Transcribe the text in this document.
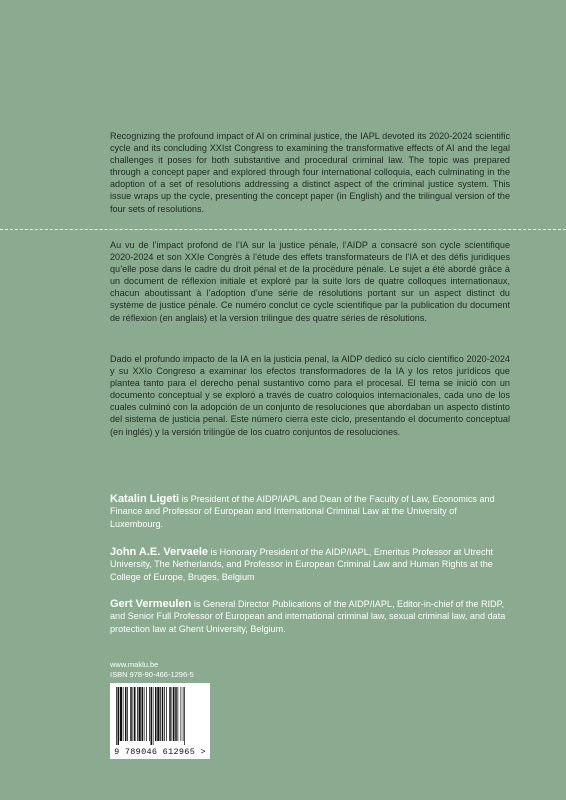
Recognizing the profound impact of AI on criminal justice, the IAPL devoted its 2020-2024 scientific cycle and its concluding XXIst Congress to examining the transformative effects of AI and the legal challenges it poses for both substantive and procedural criminal law. The topic was prepared through a concept paper and explored through four international colloquia, each culminating in the adoption of a set of resolutions addressing a distinct aspect of the criminal justice system. This issue wraps up the cycle, presenting the concept paper (in English) and the trilingual version of the four sets of resolutions.

Au vu de l’impact profond de l’IA sur la justice pénale, l’AIDP a consacré son cycle scientifique 2020-2024 et son XXIe Congrès à l’étude des effets transformateurs de l’IA et des défis juridiques qu’elle pose dans le cadre du droit pénal et de la procédure pénale. Le sujet a été abordé grâce à un document de réflexion initiale et exploré par la suite lors de quatre colloques internationaux, chacun aboutissant à l’adoption d’une série de résolutions portant sur un aspect distinct du système de justice pénale. Ce numéro conclut ce cycle scientifique par la publication du document de réflexion (en anglais) et la version trilingue des quatre séries de résolutions.

Dado el profundo impacto de la IA en la justicia penal, la AIDP dedicó su ciclo científico 2020-2024 y su XXIo Congreso a examinar los efectos transformadores de la IA y los retos jurídicos que plantea tanto para el derecho penal sustantivo como para el procesal. El tema se inició con un documento conceptual y se exploró a través de cuatro coloquios internacionales, cada uno de los cuales culminó con la adopción de un conjunto de resoluciones que abordaban un aspecto distinto del sistema de justicia penal. Este número cierra este ciclo, presentando el documento conceptual (en inglés) y la versión trilingüe de los cuatro conjuntos de resoluciones.

Katalin Ligeti is President of the AIDP/IAPL and Dean of the Faculty of Law, Economics and Finance and Professor of European and International Criminal Law at the University of Luxembourg.

John A.E. Vervaele is Honorary President of the AIDP/IAPL, Emeritus Professor at Utrecht University, The Netherlands, and Professor in European Criminal Law and Human Rights at the College of Europe, Bruges, Belgium

Gert Vermeulen is General Director Publications of the AIDP/IAPL, Editor-in-chief of the RIDP, and Senior Full Professor of European and international criminal law, sexual criminal law, and data protection law at Ghent University, Belgium.

www.maklu.be
ISBN 978-90-466-1296-5
9 789046 612965 >
